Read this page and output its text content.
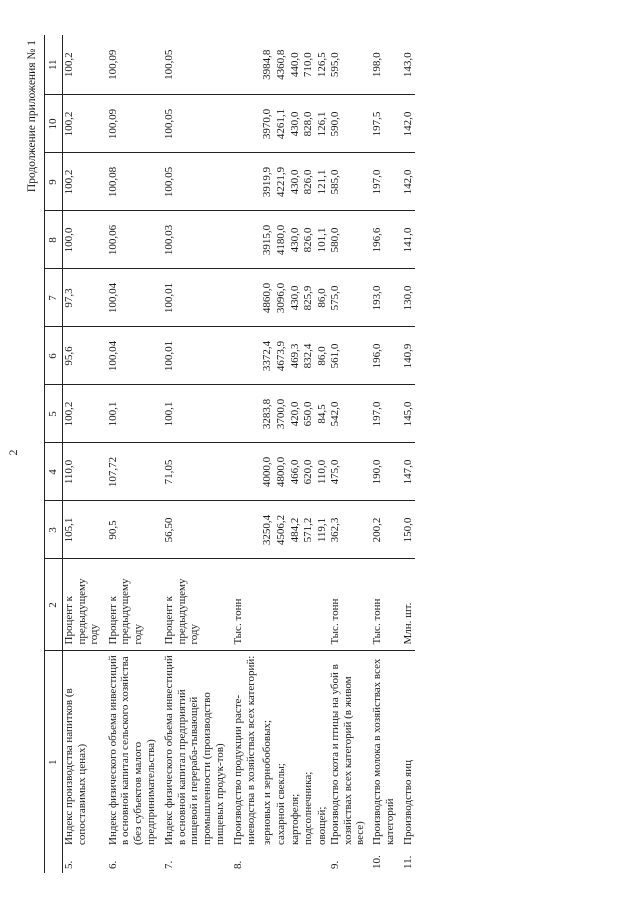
2
Продолжение приложения № 1
1		2	3	4	5	6	7	8	9	10	11
5.	Индекс производства напитков (в сопоставимых ценах)	Процент к предыдущему году	105,1	110,0	100,2	95,6	97,3	100,0	100,2	100,2	100,2
6.	Индекс физического объема инвестиций в основной капитал сельского хозяйства (без субъектов малого предпринимательства)	Процент к предыдущему году	90,5	107,72	100,1	100,04	100,04	100,06	100,08	100,09	100,09
7.	Индекс физического объема инвестиций в основной капитал предприятий пищевой и перераба-тывающей промышленности (производство пищевых продук-тов)	Процент к предыдущему году	56,50	71,05	100,1	100,01	100,01	100,03	100,05	100,05	100,05
8.	Производство продукции расте-ниеводства в хозяйствах всех категорий:	Тыс. тонн									
	зерновых и зернобобовых;		3250,4	4000,0	3283,8	3372,4	4860,0	3915,0	3919,9	3970,0	3984,8
	сахарной свеклы;		4506,2	4800,0	3700,0	4673,9	3096,0	4180,0	4221,9	4261,1	4360,8
	картофеля;		484,2	466,0	420,0	469,3	430,0	430,0	430,0	430,0	440,0
	подсолнечника;		571,2	620,0	650,0	832,4	825,9	826,0	826,0	828,0	710,0
	овощей;		119,1	110,0	84,5	86,0	86,0	101,1	121,1	126,1	126,5
9.	Производство скота и птицы на убой в хозяйствах всех категорий (в живом весе)	Тыс. тонн	362,3	475,0	542,0	561,0	575,0	580,0	585,0	590,0	595,0
10.	Производство молока в хозяйствах всех категорий	Тыс. тонн	200,2	190,0	197,0	196,0	193,0	196,6	197,0	197,5	198,0
11.	Производство яиц	Млн. шт.	150,0	147,0	145,0	140,9	130,0	141,0	142,0	142,0	143,0
